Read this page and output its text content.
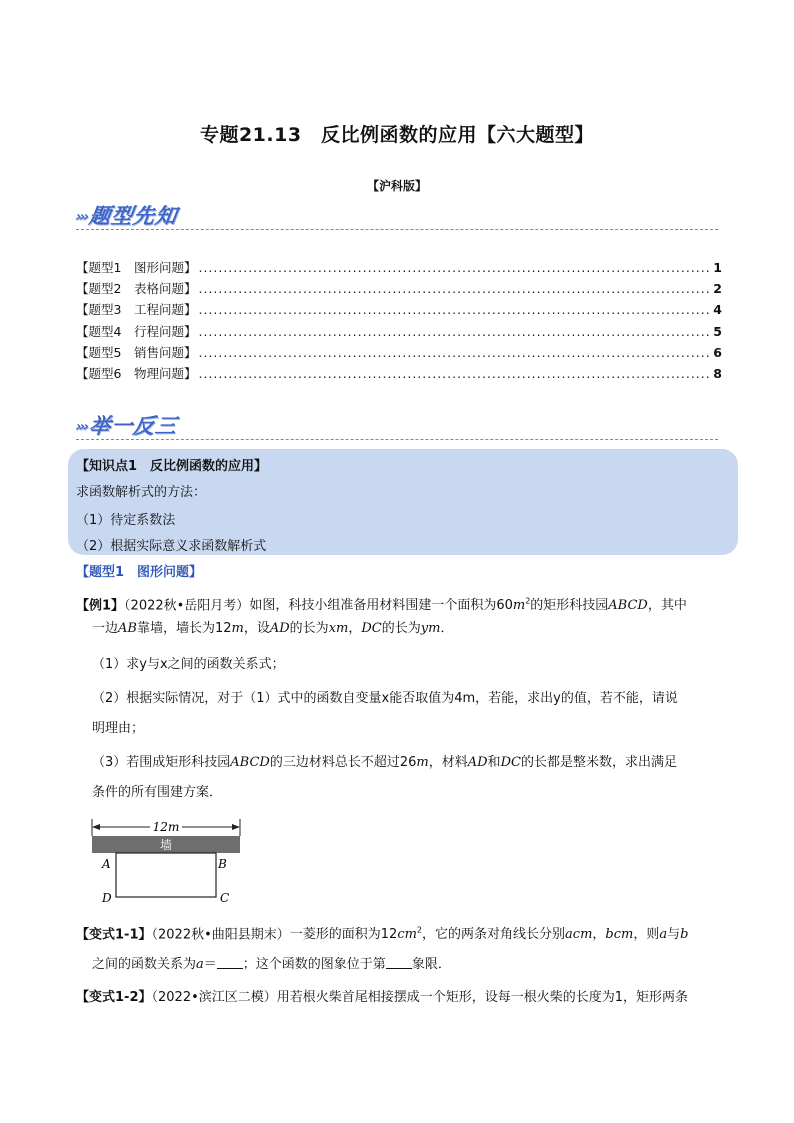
专题21.13　反比例函数的应用【六大题型】
【沪科版】
›››题型先知
【题型1　图形问题】 .....	1
【题型2　表格问题】 .....	2
【题型3　工程问题】 .....	4
【题型4　行程问题】 .....	5
【题型5　销售问题】 .....	6
【题型6　物理问题】 .....	8
›››举一反三
【知识点1　反比例函数的应用】
求函数解析式的方法：
（1）待定系数法
（2）根据实际意义求函数解析式
【题型1　图形问题】
【例1】（2022秋•岳阳月考）如图，科技小组准备用材料围建一个面积为$60m^2$的矩形科技园ABCD，其中
一边AB靠墙，墙长为12m，设AD的长为xm，DC的长为ym．
（1）求y与x之间的函数关系式；
（2）根据实际情况，对于（1）式中的函数自变量x能否取值为4m，若能，求出y的值，若不能，请说
明理由；
（3）若围成矩形科技园ABCD的三边材料总长不超过26m，材料AD和DC的长都是整米数，求出满足
条件的所有围建方案．
12m
墙
A	B
C
D
【变式1-1】（2022秋•曲阳县期末）一菱形的面积为$12cm^2$，它的两条对角线长分别acm，bcm，则a与b
之间的函数关系为a＝ ；这个函数的图象位于第 象限．
【变式1-2】（2022•滨江区二模）用若根火柴首尾相接摆成一个矩形，设每一根火柴的长度为1，矩形两条
